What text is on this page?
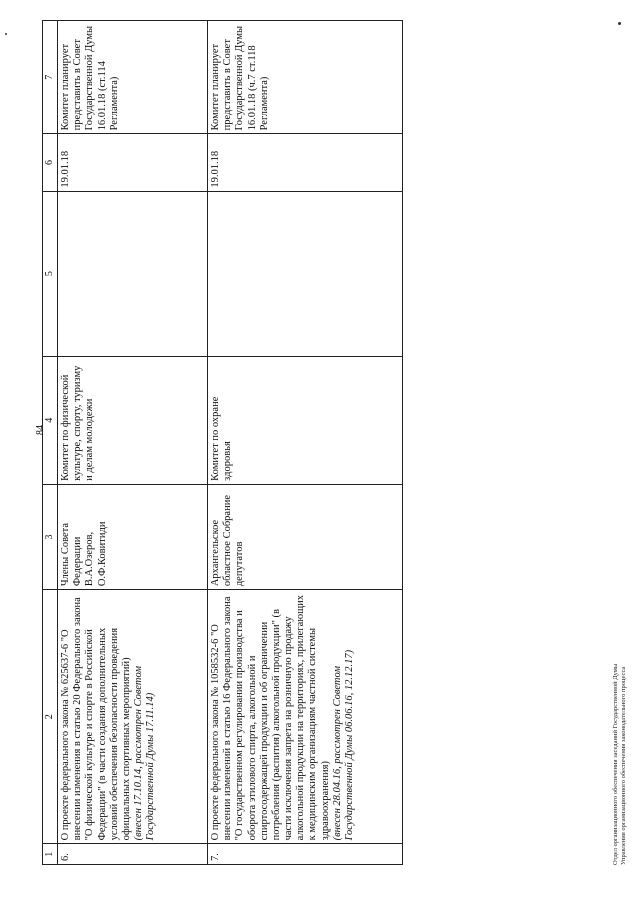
84
1	2	3	4	5	6	7
6.	О проекте федерального закона № 625637-6 "О внесении изменения в статью 20 Федерального закона "О физической культуре и спорте в Российской Федерации" (в части создания дополнительных условий обеспечения безопасности проведения официальных спортивных мероприятий) (внесен 17.10.14, рассмотрен Советом Государственной Думы 17.11.14)	Члены Совета Федерации В.А.Озеров, О.Ф.Ковитиди	Комитет по физической культуре, спорту, туризму и делам молодежи		19.01.18	Комитет планирует представить в Совет Государственной Думы 16.01.18 (ст.114 Регламента)
7.	О проекте федерального закона № 1058532-6 "О внесении изменений в статью 16 Федерального закона "О государственном регулировании производства и оборота этилового спирта, алкогольной и спиртосодержащей продукции и об ограничении потребления (распития) алкогольной продукции" (в части исключения запрета на розничную продажу алкогольной продукции на территориях, прилегающих к медицинским организациям частной системы здравоохранения) (внесен 28.04.16, рассмотрен Советом Государственной Думы 06.06.16, 12.12.17)	Архангельское областное Собрание депутатов	Комитет по охране здоровья		19.01.18	Комитет планирует представить в Совет Государственной Думы 16.01.18 (ч.7 ст.118 Регламента)
Отдел организационного обеспечения заседаний Государственной Думы Управления организационного обеспечения законодательного процесса
